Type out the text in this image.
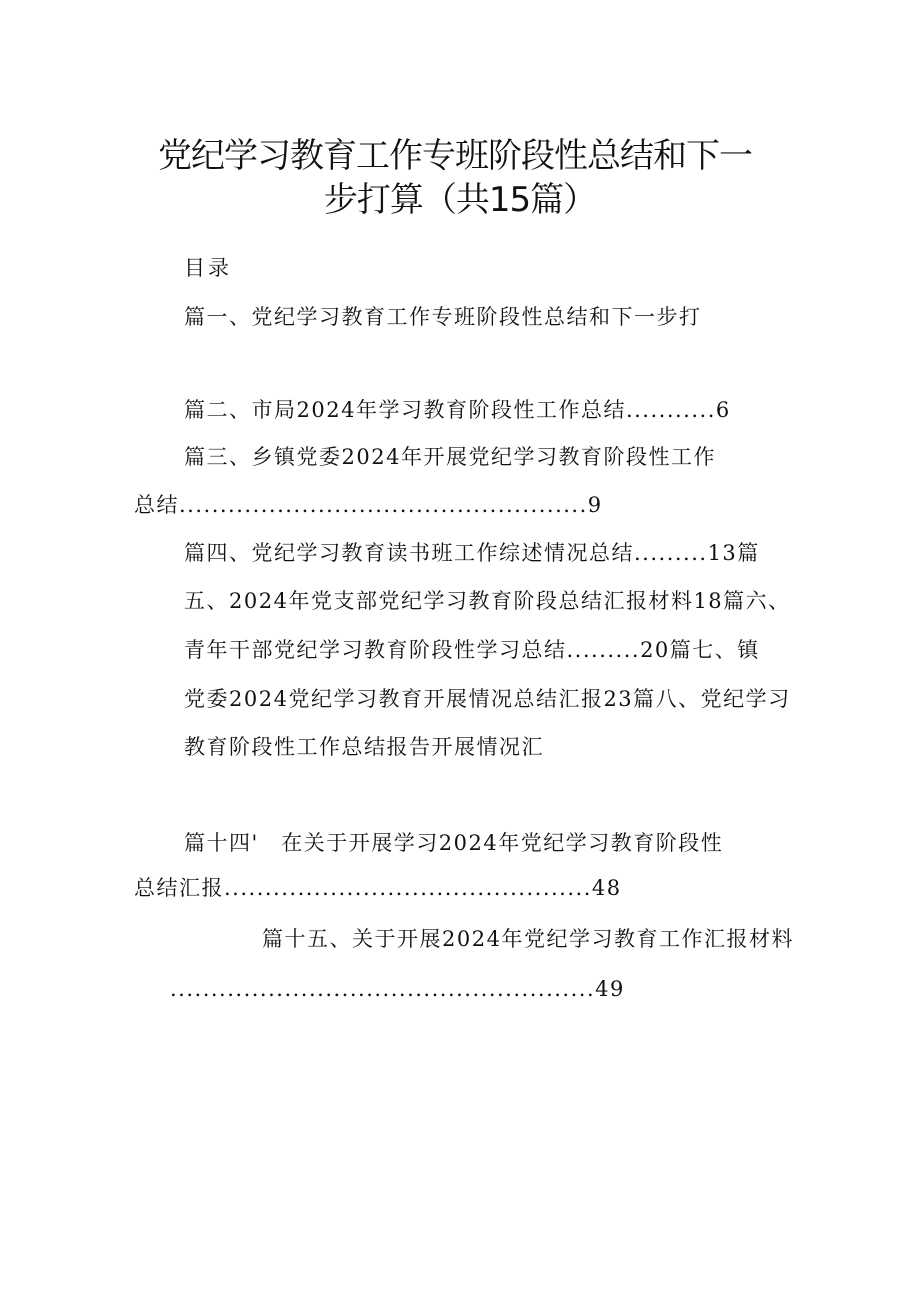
党纪学习教育工作专班阶段性总结和下一
步打算（共15篇）
目录
篇一、党纪学习教育工作专班阶段性总结和下一步打
篇二、市局2024年学习教育阶段性工作总结...........6
篇三、乡镇党委2024年开展党纪学习教育阶段性工作
总结..................................................9
篇四、党纪学习教育读书班工作综述情况总结.........13篇
五、2024年党支部党纪学习教育阶段总结汇报材料18篇六、
青年干部党纪学习教育阶段性学习总结.........20篇七、镇
党委2024党纪学习教育开展情况总结汇报23篇八、党纪学习
教育阶段性工作总结报告开展情况汇
篇十四'　在关于开展学习2024年党纪学习教育阶段性
总结汇报.............................................48
篇十五、关于开展2024年党纪学习教育工作汇报材料
....................................................49
